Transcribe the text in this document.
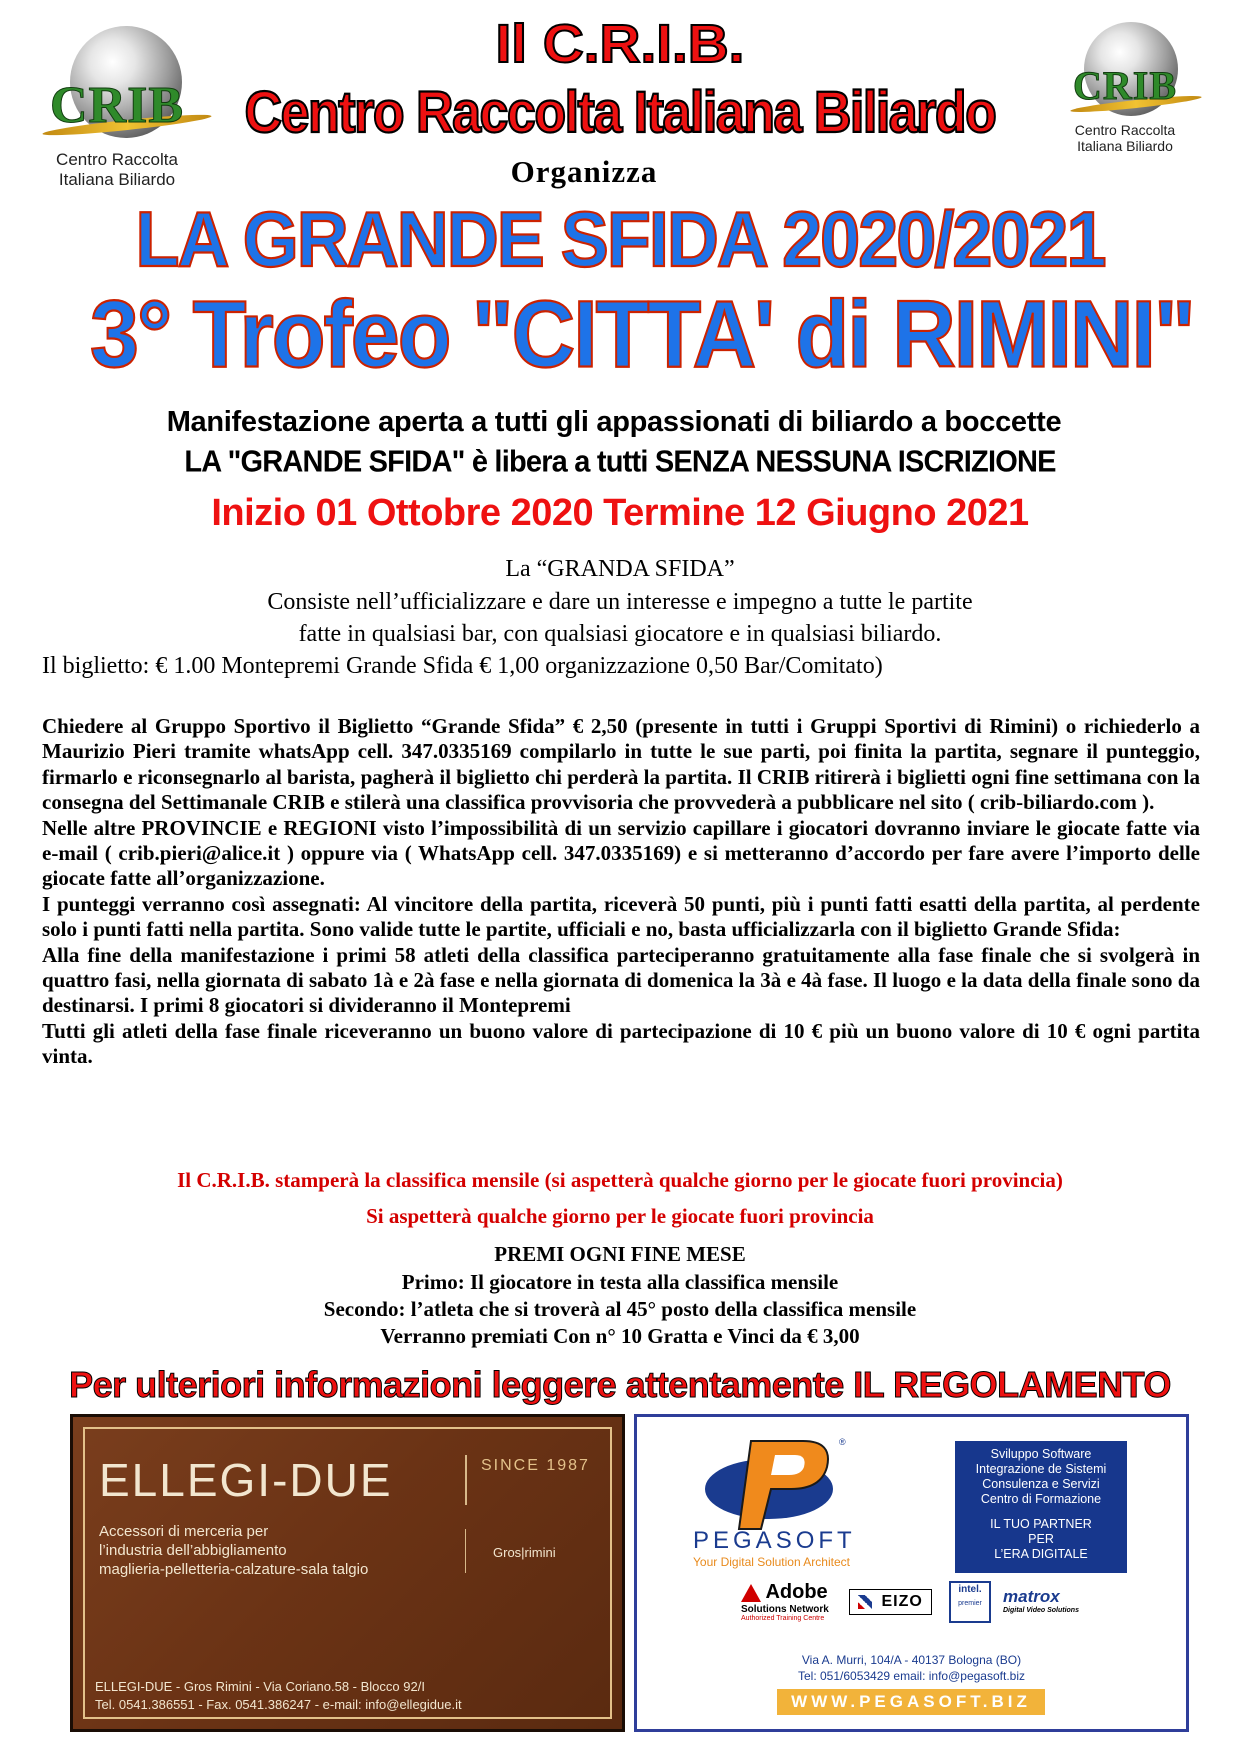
CRIB
Centro Raccolta
Italiana Biliardo
CRIB
Centro Raccolta
Italiana Biliardo
Il C.R.I.B.
Centro Raccolta Italiana Biliardo
Organizza
LA GRANDE SFIDA 2020/2021
3° Trofeo "CITTA' di RIMINI"
Manifestazione aperta a tutti gli appassionati di biliardo a boccette
LA "GRANDE SFIDA" è libera a tutti SENZA NESSUNA ISCRIZIONE
Inizio 01 Ottobre 2020 Termine 12 Giugno 2021
La “GRANDA SFIDA”
Consiste nell’ufficializzare e dare un interesse e impegno a tutte le partite
fatte in qualsiasi bar, con qualsiasi giocatore e in qualsiasi biliardo.
Il biglietto: € 1.00 Montepremi Grande Sfida € 1,00 organizzazione 0,50 Bar/Comitato)

Chiedere al Gruppo Sportivo il Biglietto “Grande Sfida” € 2,50 (presente in tutti i Gruppi Sportivi di Rimini) o richiederlo a Maurizio Pieri tramite whatsApp cell. 347.0335169 compilarlo in tutte le sue parti, poi finita la partita, segnare il punteggio, firmarlo e riconsegnarlo al barista, pagherà il biglietto chi perderà la partita. Il CRIB ritirerà i biglietti ogni fine settimana con la consegna del Settimanale CRIB e stilerà una classifica provvisoria che provvederà a pubblicare nel sito ( crib-biliardo.com ).

Nelle altre PROVINCIE e REGIONI visto l’impossibilità di un servizio capillare i giocatori dovranno inviare le giocate fatte via e-mail ( crib.pieri@alice.it ) oppure via ( WhatsApp cell. 347.0335169) e si metteranno d’accordo per fare avere l’importo delle giocate fatte all’organizzazione.

I punteggi verranno così assegnati: Al vincitore della partita, riceverà 50 punti, più i punti fatti esatti della partita, al perdente solo i punti fatti nella partita. Sono valide tutte le partite, ufficiali e no, basta ufficializzarla con il biglietto Grande Sfida:

Alla fine della manifestazione i primi 58 atleti della classifica parteciperanno gratuitamente alla fase finale che si svolgerà in quattro fasi, nella giornata di sabato 1à e 2à fase e nella giornata di domenica la 3à e 4à fase. Il luogo e la data della finale sono da destinarsi. I primi 8 giocatori si divideranno il Montepremi

Tutti gli atleti della fase finale riceveranno un buono valore di partecipazione di 10 € più un buono valore di 10 € ogni partita vinta.

Il C.R.I.B. stamperà la classifica mensile (si aspetterà qualche giorno per le giocate fuori provincia)
Si aspetterà qualche giorno per le giocate fuori provincia
PREMI OGNI FINE MESE
Primo: Il giocatore in testa alla classifica mensile
Secondo: l’atleta che si troverà al 45° posto della classifica mensile
Verranno premiati Con n° 10 Gratta e Vinci da € 3,00
Per ulteriori informazioni leggere attentamente IL REGOLAMENTO
ELLEGI-DUE	SINCE 1987
Accessori di merceria per
l’industria dell’abbigliamento
maglieria-pelletteria-calzature-sala talgio
Gros|rimini
ELLEGI-DUE - Gros Rimini - Via Coriano.58 - Blocco 92/I
Tel. 0541.386551 - Fax. 0541.386247 - e-mail: info@ellegidue.it
®
PEGASOFT
Your Digital Solution Architect
Sviluppo Software
Integrazione de Sistemi
Consulenza e Servizi
Centro di Formazione
IL TUO PARTNER
PER
L’ERA DIGITALE
Adobe
Solutions Network
Authorized Training Centre
EIZO
intel.
premier	matrox
Digital Video Solutions
Via A. Murri, 104/A - 40137 Bologna (BO)
Tel: 051/6053429 email: info@pegasoft.biz
WWW.PEGASOFT.BIZ
